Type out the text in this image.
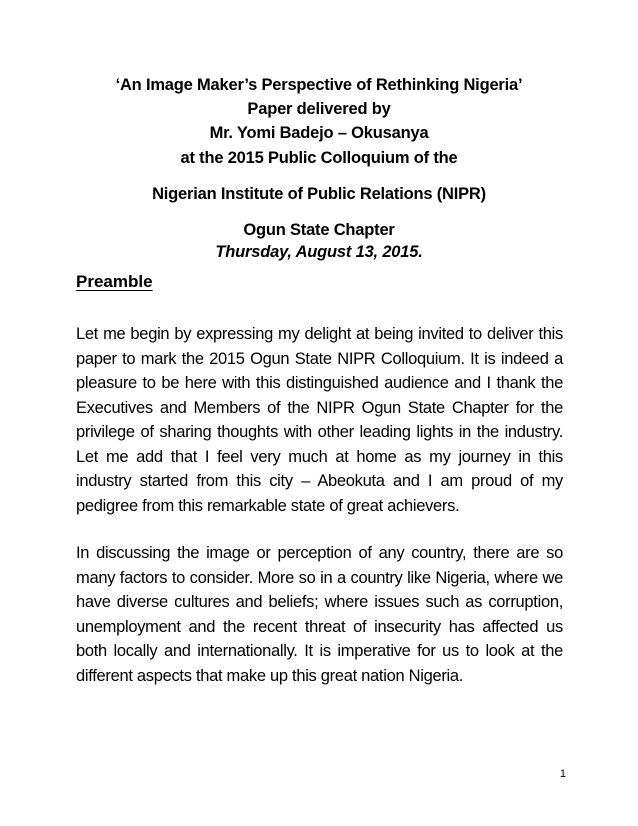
‘An Image Maker’s Perspective of Rethinking Nigeria’
Paper delivered by
Mr. Yomi Badejo – Okusanya
at the 2015 Public Colloquium of the
Nigerian Institute of Public Relations (NIPR)
Ogun State Chapter
Thursday, August 13, 2015.
Preamble

Let me begin by expressing my delight at being invited to deliver this paper to mark the 2015 Ogun State NIPR Colloquium. It is indeed a pleasure to be here with this distinguished audience and I thank the Executives and Members of the NIPR Ogun State Chapter for the privilege of sharing thoughts with other leading lights in the industry. Let me add that I feel very much at home as my journey in this industry started from this city – Abeokuta and I am proud of my pedigree from this remarkable state of great achievers.

In discussing the image or perception of any country, there are so many factors to consider. More so in a country like Nigeria, where we have diverse cultures and beliefs; where issues such as corruption, unemployment and the recent threat of insecurity has affected us both locally and internationally. It is imperative for us to look at the different aspects that make up this great nation Nigeria.

1
